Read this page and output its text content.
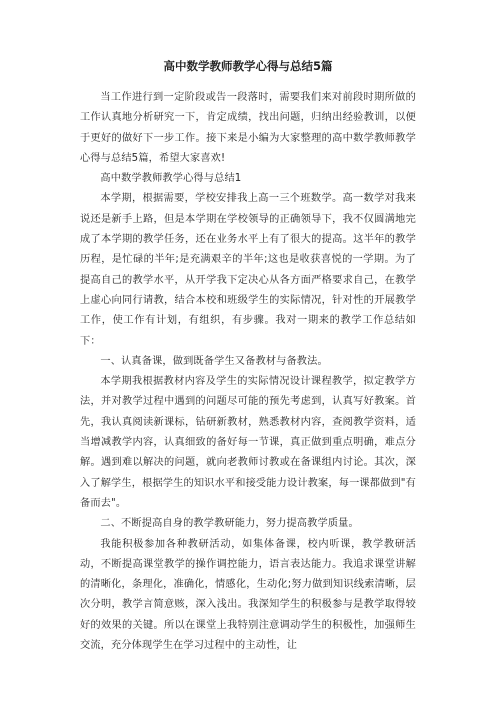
高中数学教师教学心得与总结5篇

当工作进行到一定阶段或告一段落时，需要我们来对前段时期所做的工作认真地分析研究一下，肯定成绩，找出问题，归纳出经验教训，以便于更好的做好下一步工作。接下来是小编为大家整理的高中数学教师教学心得与总结5篇，希望大家喜欢!

高中数学教师教学心得与总结1

本学期，根据需要，学校安排我上高一三个班数学。高一数学对我来说还是新手上路，但是本学期在学校领导的正确领导下，我不仅圆满地完成了本学期的教学任务，还在业务水平上有了很大的提高。这半年的教学历程，是忙碌的半年;是充满艰辛的半年;这也是收获喜悦的一学期。为了提高自己的教学水平，从开学我下定决心从各方面严格要求自己，在教学上虚心向同行请教，结合本校和班级学生的实际情况，针对性的开展教学工作，使工作有计划，有组织，有步骤。我对一期来的教学工作总结如下：

一、认真备课，做到既备学生又备教材与备教法。

本学期我根据教材内容及学生的实际情况设计课程教学，拟定教学方法，并对教学过程中遇到的问题尽可能的预先考虑到，认真写好教案。首先，我认真阅读新课标，钻研新教材，熟悉教材内容，查阅教学资料，适当增减教学内容，认真细致的备好每一节课，真正做到重点明确，难点分解。遇到难以解决的问题，就向老教师讨教或在备课组内讨论。其次，深入了解学生，根据学生的知识水平和接受能力设计教案，每一课都做到"有备而去"。

二、不断提高自身的教学教研能力，努力提高教学质量。

我能积极参加各种教研活动，如集体备课，校内听课，教学教研活动，不断提高课堂教学的操作调控能力，语言表达能力。我追求课堂讲解的清晰化，条理化，准确化，情感化，生动化;努力做到知识线索清晰，层次分明，教学言简意赅，深入浅出。我深知学生的积极参与是教学取得较好的效果的关键。所以在课堂上我特别注意调动学生的积极性，加强师生交流，充分体现学生在学习过程中的主动性，让
